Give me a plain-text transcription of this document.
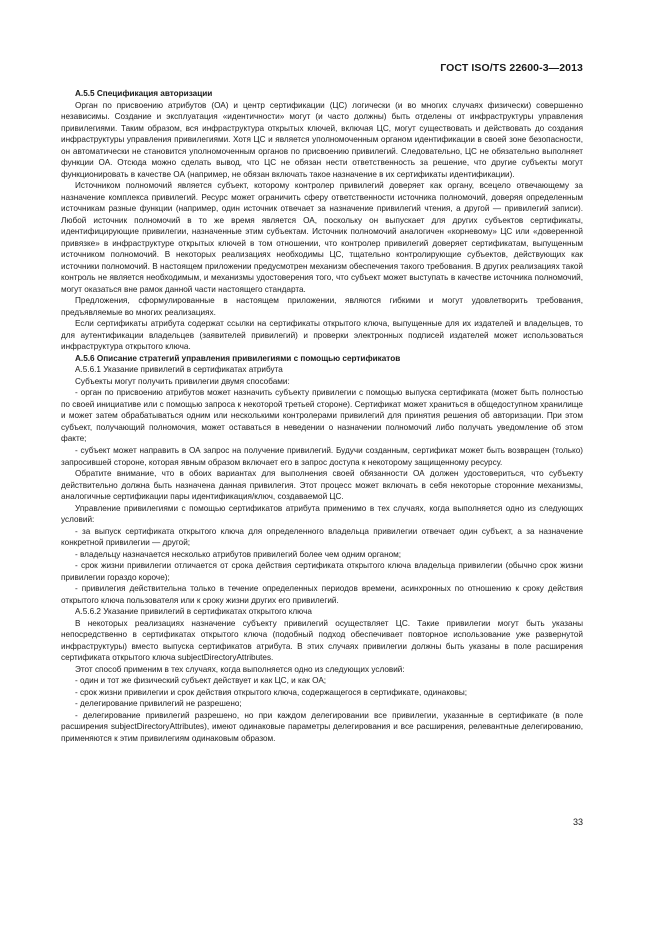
ГОСТ ISO/TS 22600-3—2013

А.5.5 Спецификация авторизации

Орган по присвоению атрибутов (ОА) и центр сертификации (ЦС) логически (и во многих случаях физически) совершенно независимы. Создание и эксплуатация «идентичности» могут (и часто должны) быть отделены от инфраструктуры управления привилегиями. Таким образом, вся инфраструктура открытых ключей, включая ЦС, могут существовать и действовать до создания инфраструктуры управления привилегиями. Хотя ЦС и является уполномоченным органом идентификации в своей зоне безопасности, он автоматически не становится уполномоченным органов по присвоению привилегий. Следовательно, ЦС не обязательно выполняет функции ОА. Отсюда можно сделать вывод, что ЦС не обязан нести ответственность за решение, что другие субъекты могут функционировать в качестве ОА (например, не обязан включать такое назначение в их сертификаты идентификации).

Источником полномочий является субъект, которому контролер привилегий доверяет как органу, всецело отвечающему за назначение комплекса привилегий. Ресурс может ограничить сферу ответственности источника полномочий, доверяя определенным источникам разные функции (например, один источник отвечает за назначение привилегий чтения, а другой — привилегий записи). Любой источник полномочий в то же время является ОА, поскольку он выпускает для других субъектов сертификаты, идентифицирующие привилегии, назначенные этим субъектам. Источник полномочий аналогичен «корневому» ЦС или «доверенной привязке» в инфраструктуре открытых ключей в том отношении, что контролер привилегий доверяет сертификатам, выпущенным источником полномочий. В некоторых реализациях необходимы ЦС, тщательно контролирующие субъектов, действующих как источники полномочий. В настоящем приложении предусмотрен механизм обеспечения такого требования. В других реализациях такой контроль не является необходимым, и механизмы удостоверения того, что субъект может выступать в качестве источника полномочий, могут оказаться вне рамок данной части настоящего стандарта.

Предложения, сформулированные в настоящем приложении, являются гибкими и могут удовлетворить требования, предъявляемые во многих реализациях.

Если сертификаты атрибута содержат ссылки на сертификаты открытого ключа, выпущенные для их издателей и владельцев, то для аутентификации владельцев (заявителей привилегий) и проверки электронных подписей издателей может использоваться инфраструктура открытого ключа.

А.5.6 Описание стратегий управления привилегиями с помощью сертификатов

А.5.6.1 Указание привилегий в сертификатах атрибута

Субъекты могут получить привилегии двумя способами:

- орган по присвоению атрибутов может назначить субъекту привилегии с помощью выпуска сертификата (может быть полностью по своей инициативе или с помощью запроса к некоторой третьей стороне). Сертификат может храниться в общедоступном хранилище и может затем обрабатываться одним или несколькими контролерами привилегий для принятия решения об авторизации. При этом субъект, получающий полномочия, может оставаться в неведении о назначении полномочий либо получать уведомление об этом факте;

- субъект может направить в ОА запрос на получение привилегий. Будучи созданным, сертификат может быть возвращен (только) запросившей стороне, которая явным образом включает его в запрос доступа к некоторому защищенному ресурсу.

Обратите внимание, что в обоих вариантах для выполнения своей обязанности ОА должен удостовериться, что субъекту действительно должна быть назначена данная привилегия. Этот процесс может включать в себя некоторые сторонние механизмы, аналогичные сертификации пары идентификация/ключ, создаваемой ЦС.

Управление привилегиями с помощью сертификатов атрибута применимо в тех случаях, когда выполняется одно из следующих условий:

- за выпуск сертификата открытого ключа для определенного владельца привилегии отвечает один субъект, а за назначение конкретной привилегии — другой;

- владельцу назначается несколько атрибутов привилегий более чем одним органом;

- срок жизни привилегии отличается от срока действия сертификата открытого ключа владельца привилегии (обычно срок жизни привилегии гораздо короче);

- привилегия действительна только в течение определенных периодов времени, асинхронных по отношению к сроку действия открытого ключа пользователя или к сроку жизни других его привилегий.

А.5.6.2 Указание привилегий в сертификатах открытого ключа

В некоторых реализациях назначение субъекту привилегий осуществляет ЦС. Такие привилегии могут быть указаны непосредственно в сертификатах открытого ключа (подобный подход обеспечивает повторное использование уже развернутой инфраструктуры) вместо выпуска сертификатов атрибута. В этих случаях привилегии должны быть указаны в поле расширения сертификата открытого ключа subjectDirectoryAttributes.

Этот способ применим в тех случаях, когда выполняется одно из следующих условий:

- один и тот же физический субъект действует и как ЦС, и как ОА;

- срок жизни привилегии и срок действия открытого ключа, содержащегося в сертификате, одинаковы;

- делегирование привилегий не разрешено;

- делегирование привилегий разрешено, но при каждом делегировании все привилегии, указанные в сертификате (в поле расширения subjectDirectoryAttributes), имеют одинаковые параметры делегирования и все расширения, релевантные делегированию, применяются к этим привилегиям одинаковым образом.

33
